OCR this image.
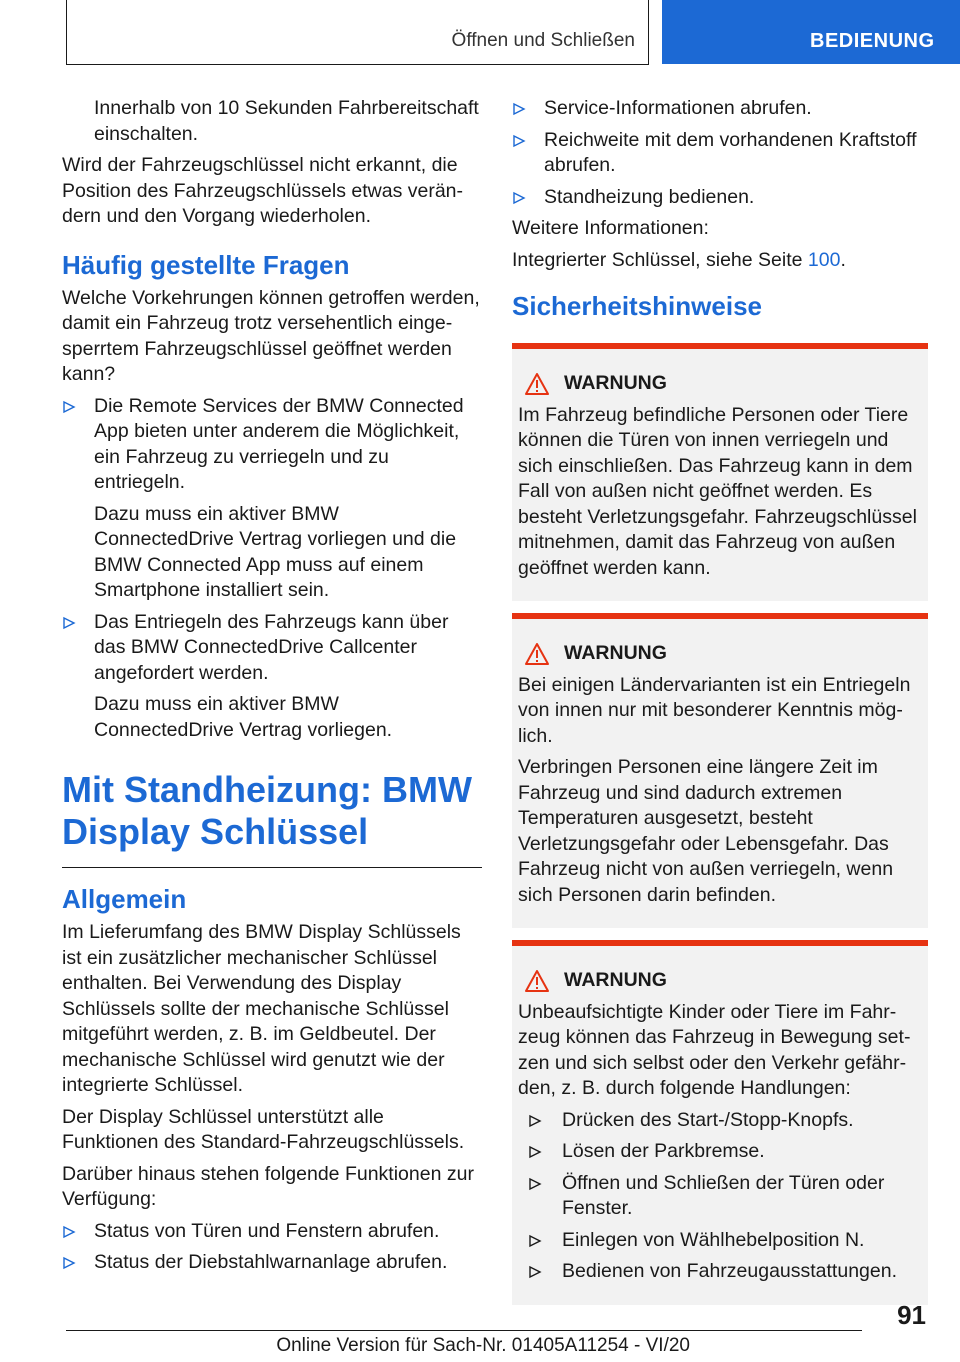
Öffnen und Schließen	BEDIENUNG

Innerhalb von 10 Sekunden Fahrbereitschaft einschalten.

Wird der Fahrzeugschlüssel nicht erkannt, die Position des Fahrzeugschlüssels etwas verändern und den Vorgang wiederholen.

Häufig gestellte Fragen

Welche Vorkehrungen können getroffen werden, damit ein Fahrzeug trotz versehentlich eingesperrtem Fahrzeugschlüssel geöffnet werden kann?

Die Remote Services der BMW Connected App bieten unter anderem die Möglichkeit, ein Fahrzeug zu verriegeln und zu entriegeln.
Dazu muss ein aktiver BMW ConnectedDrive Vertrag vorliegen und die BMW Connected App muss auf einem Smartphone installiert sein.
Das Entriegeln des Fahrzeugs kann über das BMW ConnectedDrive Callcenter angefordert werden.
Dazu muss ein aktiver BMW ConnectedDrive Vertrag vorliegen.
Mit Standheizung: BMW Display Schlüssel
Allgemein

Im Lieferumfang des BMW Display Schlüssels ist ein zusätzlicher mechanischer Schlüssel enthalten. Bei Verwendung des Display Schlüssels sollte der mechanische Schlüssel mitgeführt werden, z. B. im Geldbeutel. Der mechanische Schlüssel wird genutzt wie der integrierte Schlüssel.

Der Display Schlüssel unterstützt alle Funktionen des Standard-Fahrzeugschlüssels.

Darüber hinaus stehen folgende Funktionen zur Verfügung:

Status von Türen und Fenstern abrufen.
Status der Diebstahlwarnanlage abrufen.
Service-Informationen abrufen.
Reichweite mit dem vorhandenen Kraftstoff abrufen.
Standheizung bedienen.

Weitere Informationen:

Integrierter Schlüssel, siehe Seite 100.

Sicherheitshinweise
WARNUNG

Im Fahrzeug befindliche Personen oder Tiere können die Türen von innen verriegeln und sich einschließen. Das Fahrzeug kann in dem Fall von außen nicht geöffnet werden. Es besteht Verletzungsgefahr. Fahrzeugschlüssel mitnehmen, damit das Fahrzeug von außen geöffnet werden kann.

WARNUNG

Bei einigen Ländervarianten ist ein Entriegeln von innen nur mit besonderer Kenntnis möglich.

Verbringen Personen eine längere Zeit im Fahrzeug und sind dadurch extremen Temperaturen ausgesetzt, besteht Verletzungsgefahr oder Lebensgefahr. Das Fahrzeug nicht von außen verriegeln, wenn sich Personen darin befinden.

WARNUNG

Unbeaufsichtigte Kinder oder Tiere im Fahrzeug können das Fahrzeug in Bewegung setzen und sich selbst oder den Verkehr gefährden, z. B. durch folgende Handlungen:

Drücken des Start-/Stopp-Knopfs.
Lösen der Parkbremse.
Öffnen und Schließen der Türen oder Fenster.
Einlegen von Wählhebelposition N.
Bedienen von Fahrzeugausstattungen.
91
Online Version für Sach-Nr. 01405A11254 - VI/20
